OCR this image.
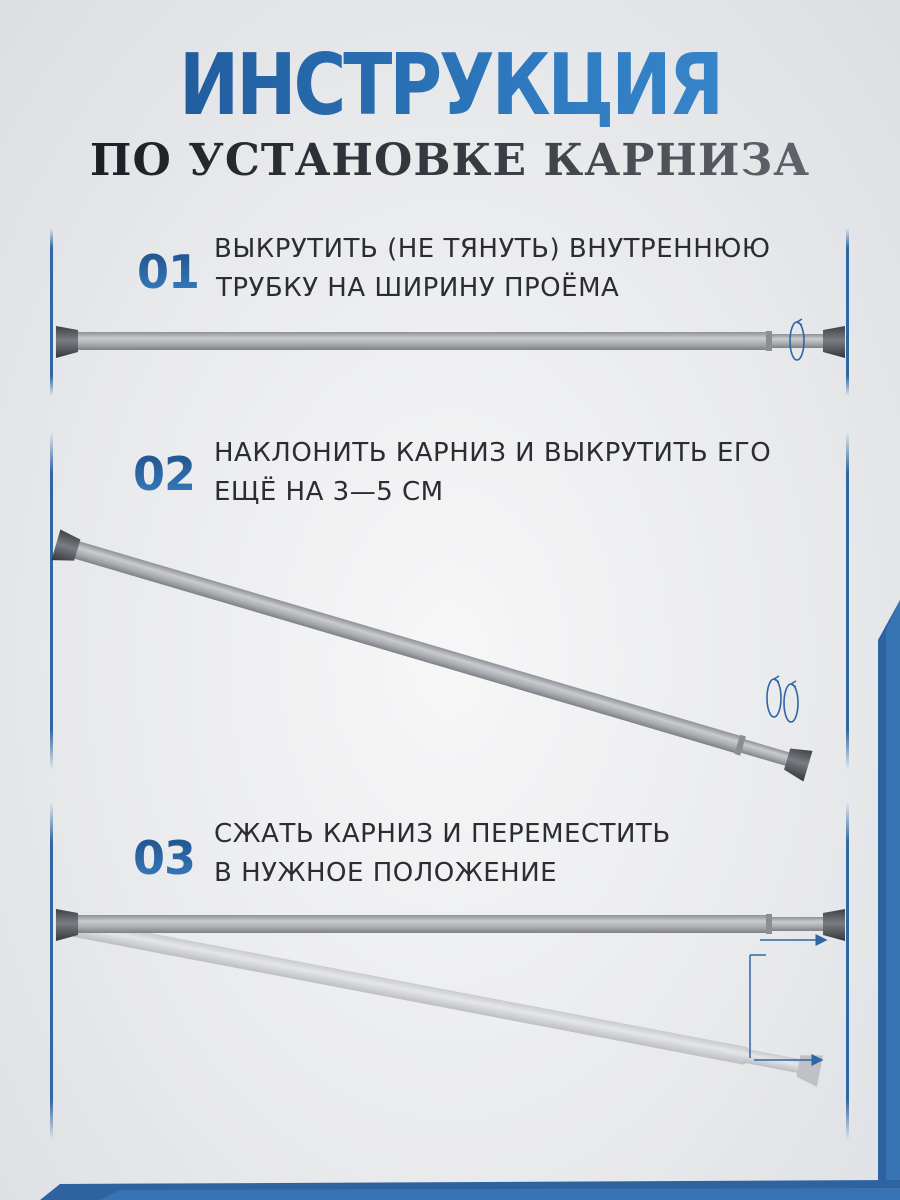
ИНСТРУКЦИЯ
ПО УСТАНОВКЕ КАРНИЗА
01 ВЫКРУТИТЬ (НЕ ТЯНУТЬ) ВНУТРЕННЮЮ
ТРУБКУ НА ШИРИНУ ПРОЁМА
02 НАКЛОНИТЬ КАРНИЗ И ВЫКРУТИТЬ ЕГО
ЕЩЁ НА 3—5 СМ
03 СЖАТЬ КАРНИЗ И ПЕРЕМЕСТИТЬ
В НУЖНОЕ ПОЛОЖЕНИЕ
